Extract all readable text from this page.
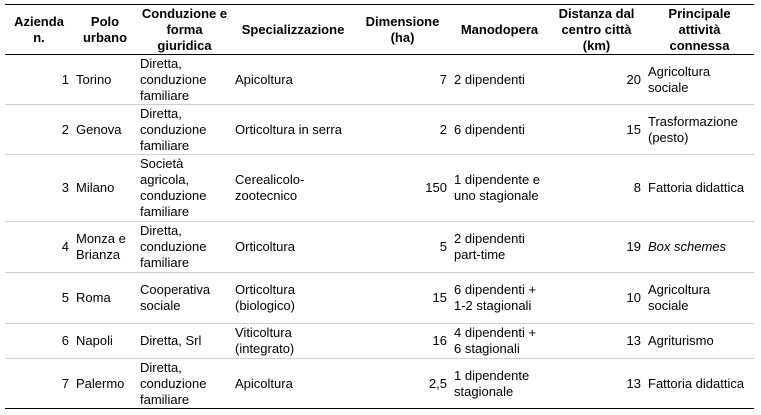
Azienda n.	Polo urbano	Conduzione e forma giuridica	Specializzazione	Dimensione (ha)	Manodopera	Distanza dal centro città (km)	Principale attività connessa
1	Torino	Diretta, conduzione familiare	Apicoltura	7	2 dipendenti	20	Agricoltura sociale
2	Genova	Diretta, conduzione familiare	Orticoltura in serra	2	6 dipendenti	15	Trasformazione (pesto)
3	Milano	Società agricola, conduzione familiare	Cerealicolo-zootecnico	150	1 dipendente e uno stagionale	8	Fattoria didattica
4	Monza e Brianza	Diretta, conduzione familiare	Orticoltura	5	2 dipendenti part-time	19	Box schemes
5	Roma	Cooperativa sociale	Orticoltura (biologico)	15	6 dipendenti + 1-2 stagionali	10	Agricoltura sociale
6	Napoli	Diretta, Srl	Viticoltura (integrato)	16	4 dipendenti + 6 stagionali	13	Agriturismo
7	Palermo	Diretta, conduzione familiare	Apicoltura	2,5	1 dipendente stagionale	13	Fattoria didattica
